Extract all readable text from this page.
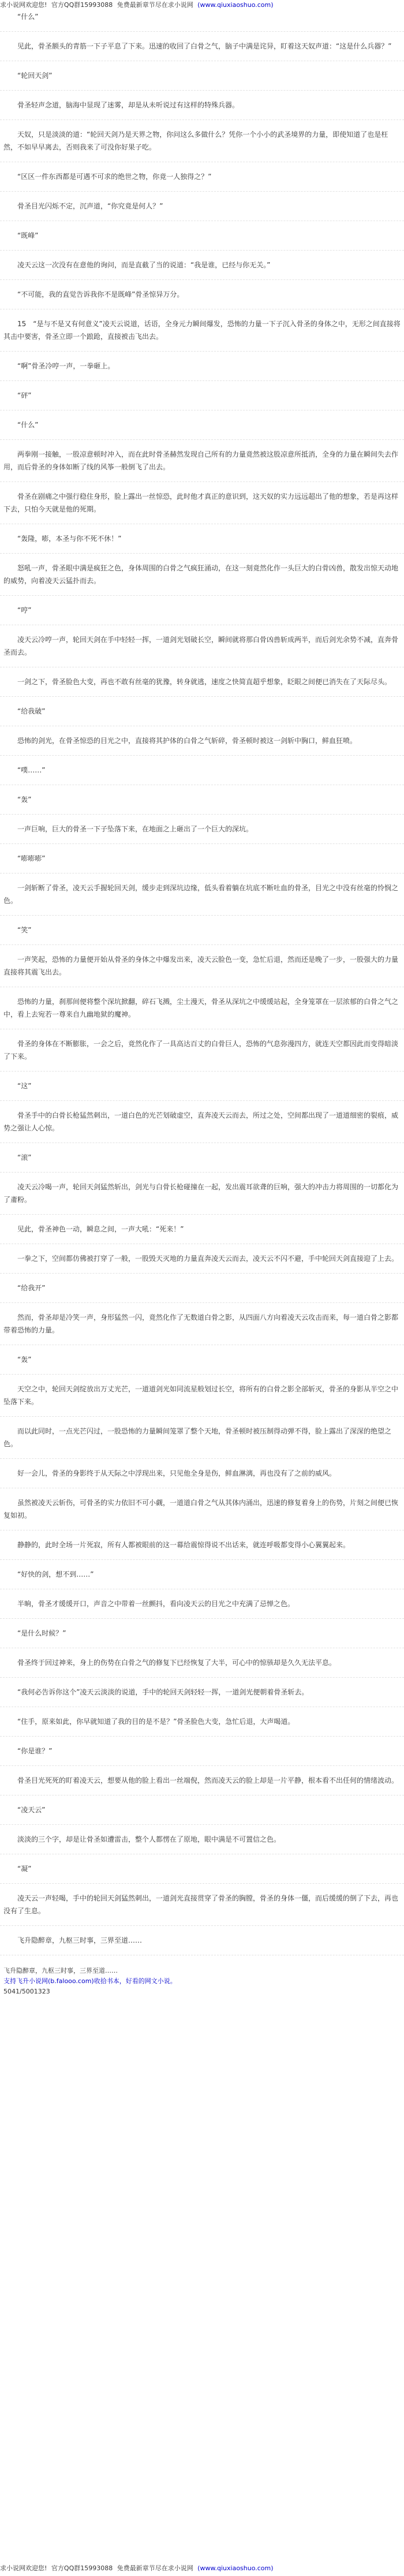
求小说网欢迎您! 官方QQ群15993088 免费最新章节尽在求小说网 (www.qiuxiaoshuo.com)

“什么”

见此，骨圣额头的青筋一下子平息了下来。迅速的收回了白骨之气，脑子中满是诧异，盯着这天奴声道：“这是什么兵器？”

“轮回天剑”

骨圣轻声念道，脑海中显现了迷雾，却是从未听说过有这样的特殊兵器。

天奴，只是淡淡的道：“轮回天剑乃是天界之物，你问这么多做什么？凭你一个小小的武圣境界的力量，即使知道了也是枉然，不如早早离去，否则我来了可没你好果子吃。

“区区一件东西都是可遇不可求的绝世之物，你竟一人独得之？”

骨圣目光闪烁不定，沉声道，“你究竟是何人？”

“既峰”

凌天云这一次没有在意他的询问，而是直截了当的说道：“我是谁，已经与你无关。”

“不可能，我的直觉告诉我你不是既峰”骨圣惊异万分。

15　“是与不是又有何意义”凌天云说道，话语，全身元力瞬间爆发，恐怖的力量一下子沉入骨圣的身体之中，无形之间直接将其击中要害，骨圣立即一个踉跄，直接被击飞出去。

“啊”骨圣冷哼一声，一拳砸上。

“砰”

“什么”

两拳刚一接触，一股凉意顿时冲入，而在此时骨圣赫然发现自己所有的力量竟然被这股凉意所抵消，全身的力量在瞬间失去作用，而后骨圣的身体如断了线的风筝一般倒飞了出去。

骨圣在剧痛之中强行稳住身形，脸上露出一丝惊恐，此时他才真正的意识到，这天奴的实力远远超出了他的想象，若是再这样下去，只怕今天就是他的死期。

“轰隆，嘭，本圣与你不死不休！”

怒吼一声，骨圣眼中满是疯狂之色，身体周围的白骨之气疯狂涌动，在这一刻竟然化作一头巨大的白骨凶兽，散发出惊天动地的威势，向着凌天云猛扑而去。

“哼”

凌天云冷哼一声，轮回天剑在手中轻轻一挥，一道剑光划破长空，瞬间就将那白骨凶兽斩成两半，而后剑光余势不减，直奔骨圣而去。

一剑之下，骨圣脸色大变，再也不敢有丝毫的犹豫，转身就逃，速度之快简直超乎想象，眨眼之间便已消失在了天际尽头。

“给我破”

恐怖的剑光，在骨圣惊恐的目光之中，直接将其护体的白骨之气斩碎，骨圣顿时被这一剑斩中胸口，鲜血狂喷。

“噗……”

“轰”

一声巨响，巨大的骨圣一下子坠落下来，在地面之上砸出了一个巨大的深坑。

“嘭嘭嘭”

一剑斩断了骨圣，凌天云手握轮回天剑，缓步走到深坑边缘，低头看着躺在坑底不断吐血的骨圣，目光之中没有丝毫的怜悯之色。

“笑”

一声笑起，恐怖的力量便开始从骨圣的身体之中爆发出来，凌天云脸色一变，急忙后退，然而还是晚了一步，一股强大的力量直接将其震飞出去。

恐怖的力量，刹那间便将整个深坑掀翻，碎石飞溅，尘土漫天，骨圣从深坑之中缓缓站起，全身笼罩在一层浓郁的白骨之气之中，看上去宛若一尊来自九幽地狱的魔神。

骨圣的身体在不断膨胀，一会之后，竟然化作了一具高达百丈的白骨巨人，恐怖的气息弥漫四方，就连天空都因此而变得暗淡了下来。

“这”

骨圣手中的白骨长枪猛然刺出，一道白色的光芒划破虚空，直奔凌天云而去，所过之处，空间都出现了一道道细密的裂痕，威势之强让人心惊。

“滚”

凌天云冷喝一声，轮回天剑猛然斩出，剑光与白骨长枪碰撞在一起，发出震耳欲聋的巨响，强大的冲击力将周围的一切都化为了齑粉。

见此，骨圣神色一动，瞬息之间，一声大吼：“死来！”

一拳之下，空间都仿佛被打穿了一般，一股毁天灭地的力量直奔凌天云而去，凌天云不闪不避，手中轮回天剑直接迎了上去。

“给我开”

然而，骨圣却是冷笑一声，身形猛然一闪，竟然化作了无数道白骨之影，从四面八方向着凌天云攻击而来，每一道白骨之影都带着恐怖的力量。

“轰”

天空之中，轮回天剑绽放出万丈光芒，一道道剑光如同流星般划过长空，将所有的白骨之影全部斩灭，骨圣的身影从半空之中坠落下来。

而以此同时，一点光芒闪过，一股恐怖的力量瞬间笼罩了整个天地，骨圣顿时被压制得动弹不得，脸上露出了深深的绝望之色。

好一会儿，骨圣的身影终于从天际之中浮现出来，只见他全身是伤，鲜血淋漓，再也没有了之前的威风。

虽然被凌天云斩伤，可骨圣的实力依旧不可小觑，一道道白骨之气从其体内涌出，迅速的修复着身上的伤势，片刻之间便已恢复如初。

静静的，此时全场一片死寂，所有人都被眼前的这一幕给震惊得说不出话来，就连呼吸都变得小心翼翼起来。

“好快的剑，想不到……”

半晌，骨圣才缓缓开口，声音之中带着一丝颤抖，看向凌天云的目光之中充满了忌惮之色。

“是什么时候？”

骨圣终于回过神来，身上的伤势在白骨之气的修复下已经恢复了大半，可心中的惊骇却是久久无法平息。

“我何必告诉你这个”凌天云淡淡的说道，手中的轮回天剑轻轻一挥，一道剑光便朝着骨圣斩去。

“住手，原来如此，你早就知道了我的目的是不是？”骨圣脸色大变，急忙后退，大声喝道。

“你是谁？”

骨圣目光死死的盯着凌天云，想要从他的脸上看出一丝端倪，然而凌天云的脸上却是一片平静，根本看不出任何的情绪波动。

“凌天云”

淡淡的三个字，却是让骨圣如遭雷击，整个人都愣在了原地，眼中满是不可置信之色。

“凝”

凌天云一声轻喝，手中的轮回天剑猛然刺出，一道剑光直接贯穿了骨圣的胸膛，骨圣的身体一僵，而后缓缓的倒了下去，再也没有了生息。

飞升隐醉章，九枢三时事，三界至道……

飞升隐醉章，九枢三时事，三界至道……
支持飞升小说网(b.falooo.com)收拾书本，好看的网文小说。
5041/5001323
求小说网欢迎您! 官方QQ群15993088 免费最新章节尽在求小说网 (www.qiuxiaoshuo.com)
